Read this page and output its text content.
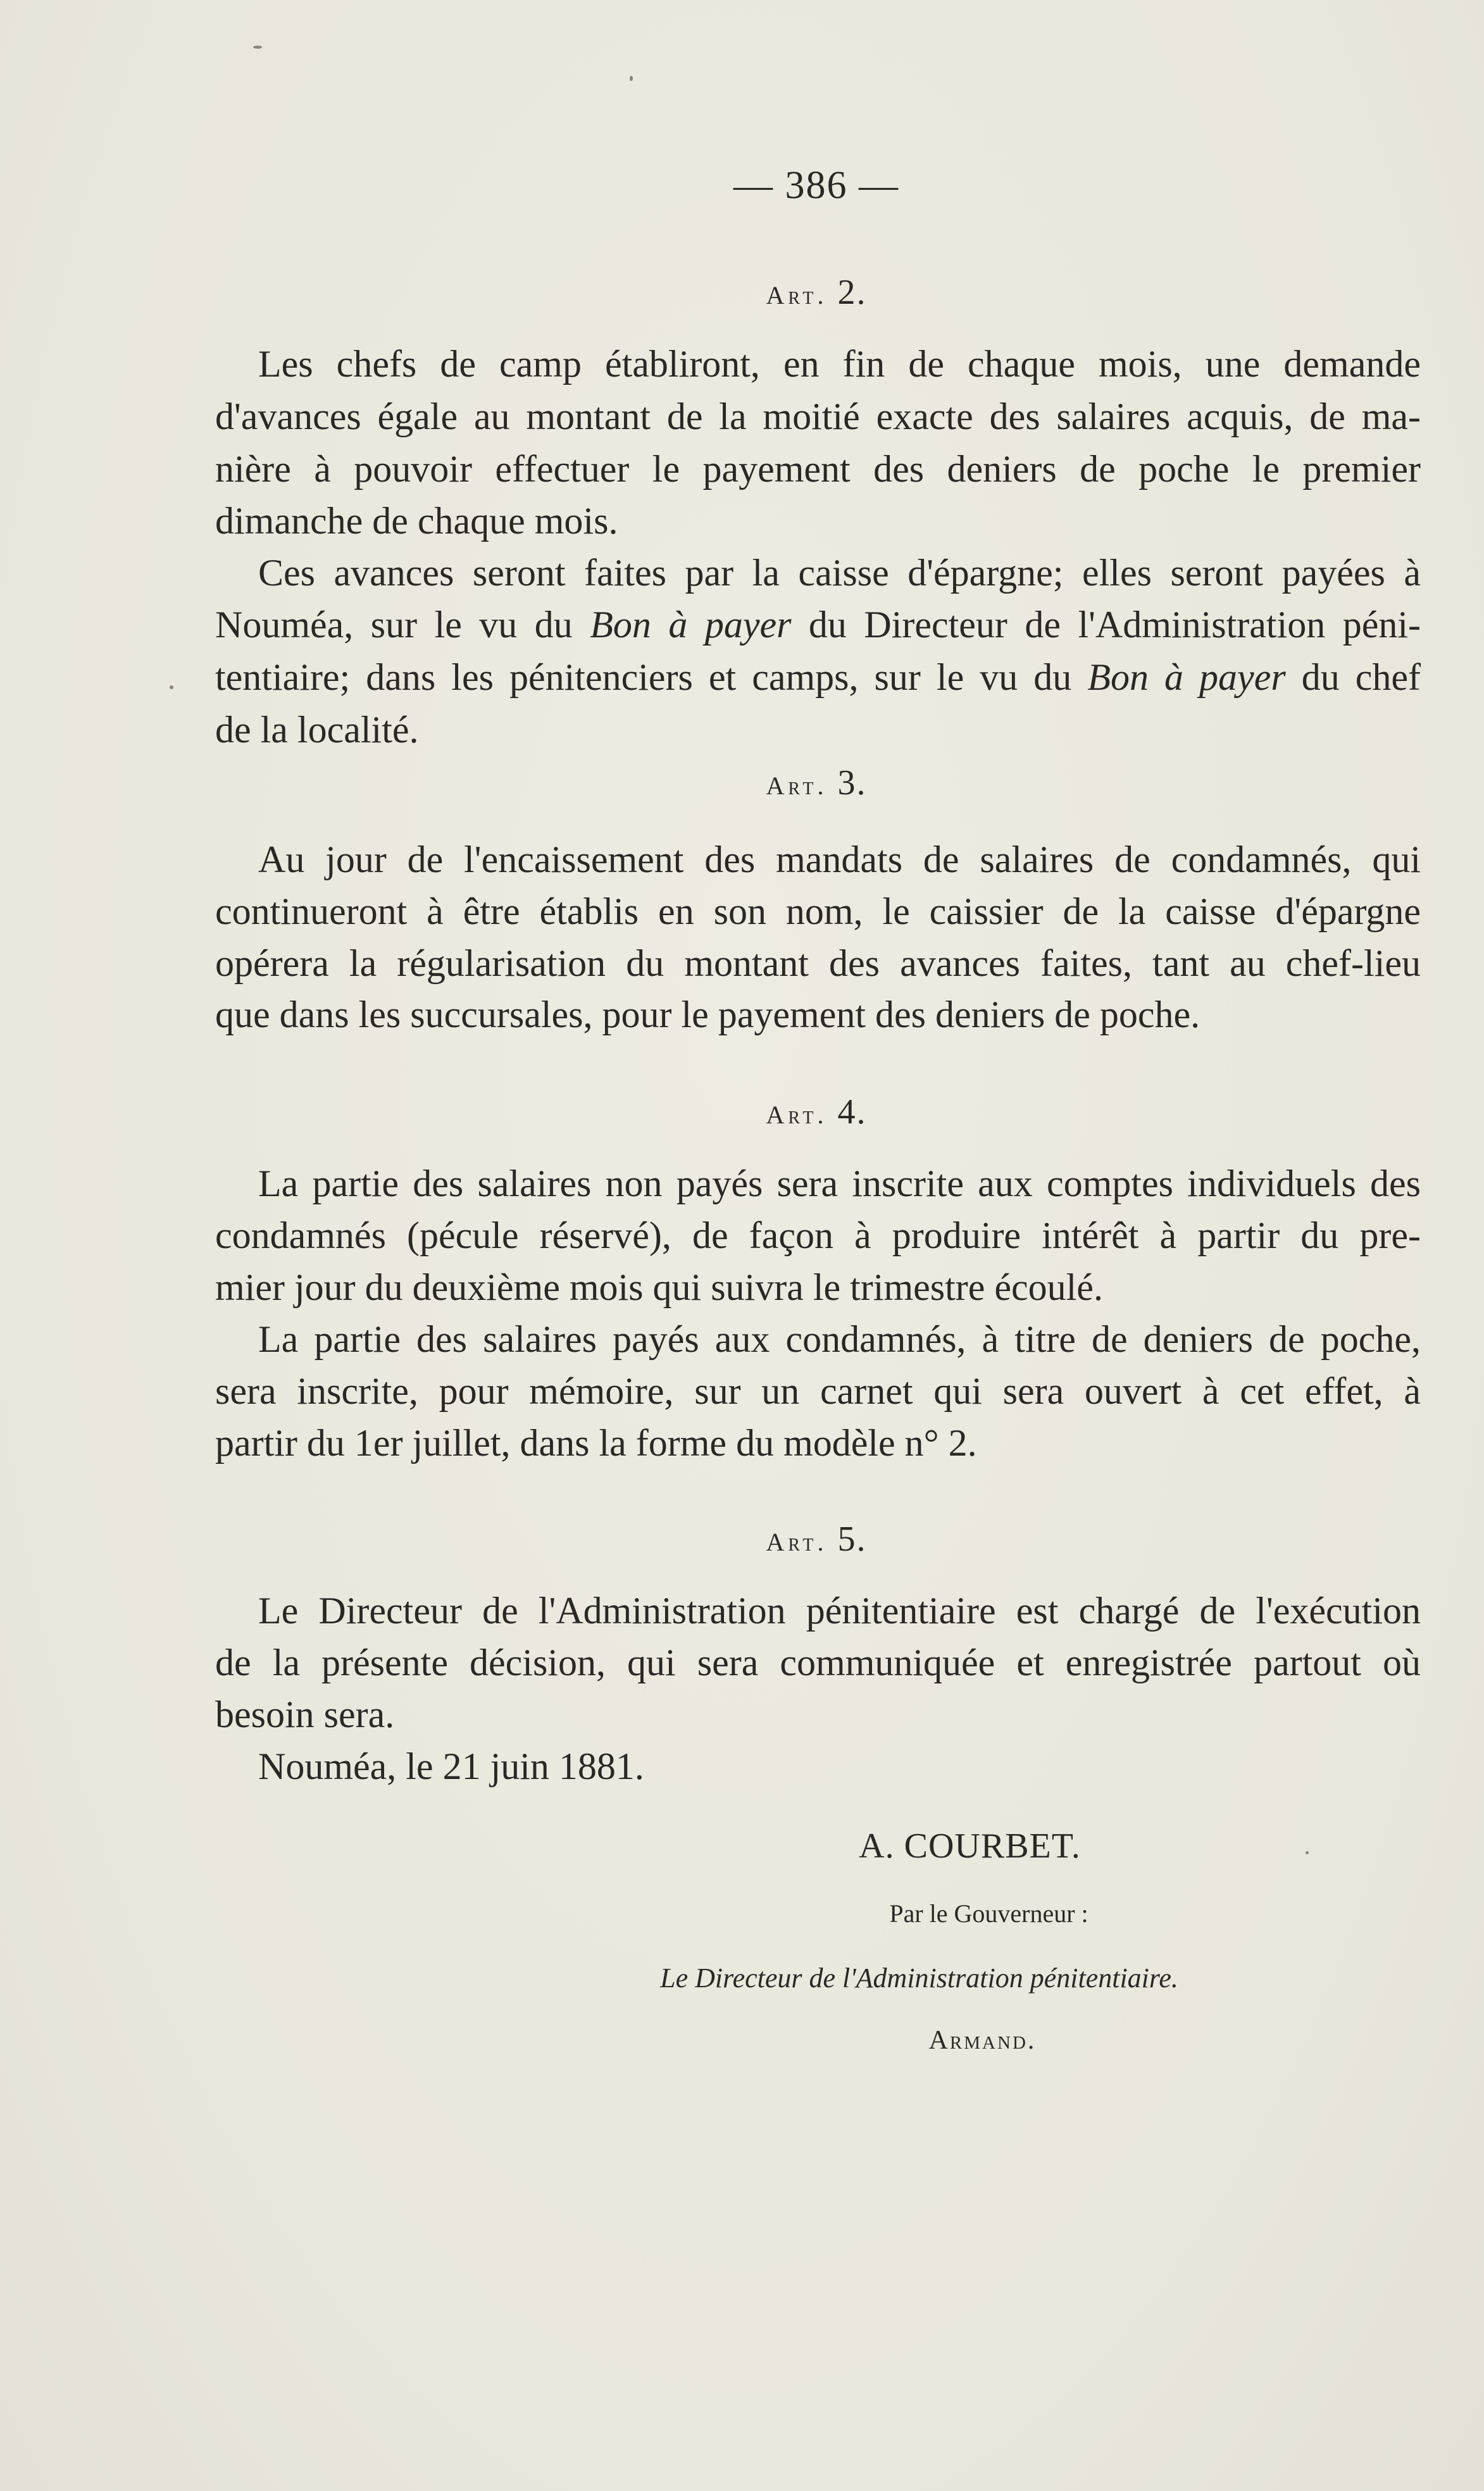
— 386 —
Art. 2.
Les chefs de camp établiront, en fin de chaque mois, une demande
d'avances égale au montant de la moitié exacte des salaires acquis, de ma-
nière à pouvoir effectuer le payement des deniers de poche le premier
dimanche de chaque mois.
Ces avances seront faites par la caisse d'épargne; elles seront payées à
Nouméa, sur le vu du Bon à payer du Directeur de l'Administration péni-
tentiaire; dans les pénitenciers et camps, sur le vu du Bon à payer du chef
de la localité.
Art. 3.
Au jour de l'encaissement des mandats de salaires de condamnés, qui
continueront à être établis en son nom, le caissier de la caisse d'épargne
opérera la régularisation du montant des avances faites, tant au chef-lieu
que dans les succursales, pour le payement des deniers de poche.
Art. 4.
La partie des salaires non payés sera inscrite aux comptes individuels des
condamnés (pécule réservé), de façon à produire intérêt à partir du pre-
mier jour du deuxième mois qui suivra le trimestre écoulé.
La partie des salaires payés aux condamnés, à titre de deniers de poche,
sera inscrite, pour mémoire, sur un carnet qui sera ouvert à cet effet, à
partir du 1er juillet, dans la forme du modèle n° 2.
Art. 5.
Le Directeur de l'Administration pénitentiaire est chargé de l'exécution
de la présente décision, qui sera communiquée et enregistrée partout où
besoin sera.
Nouméa, le 21 juin 1881.
A. COURBET.
Par le Gouverneur :
Le Directeur de l'Administration pénitentiaire.
Armand.
